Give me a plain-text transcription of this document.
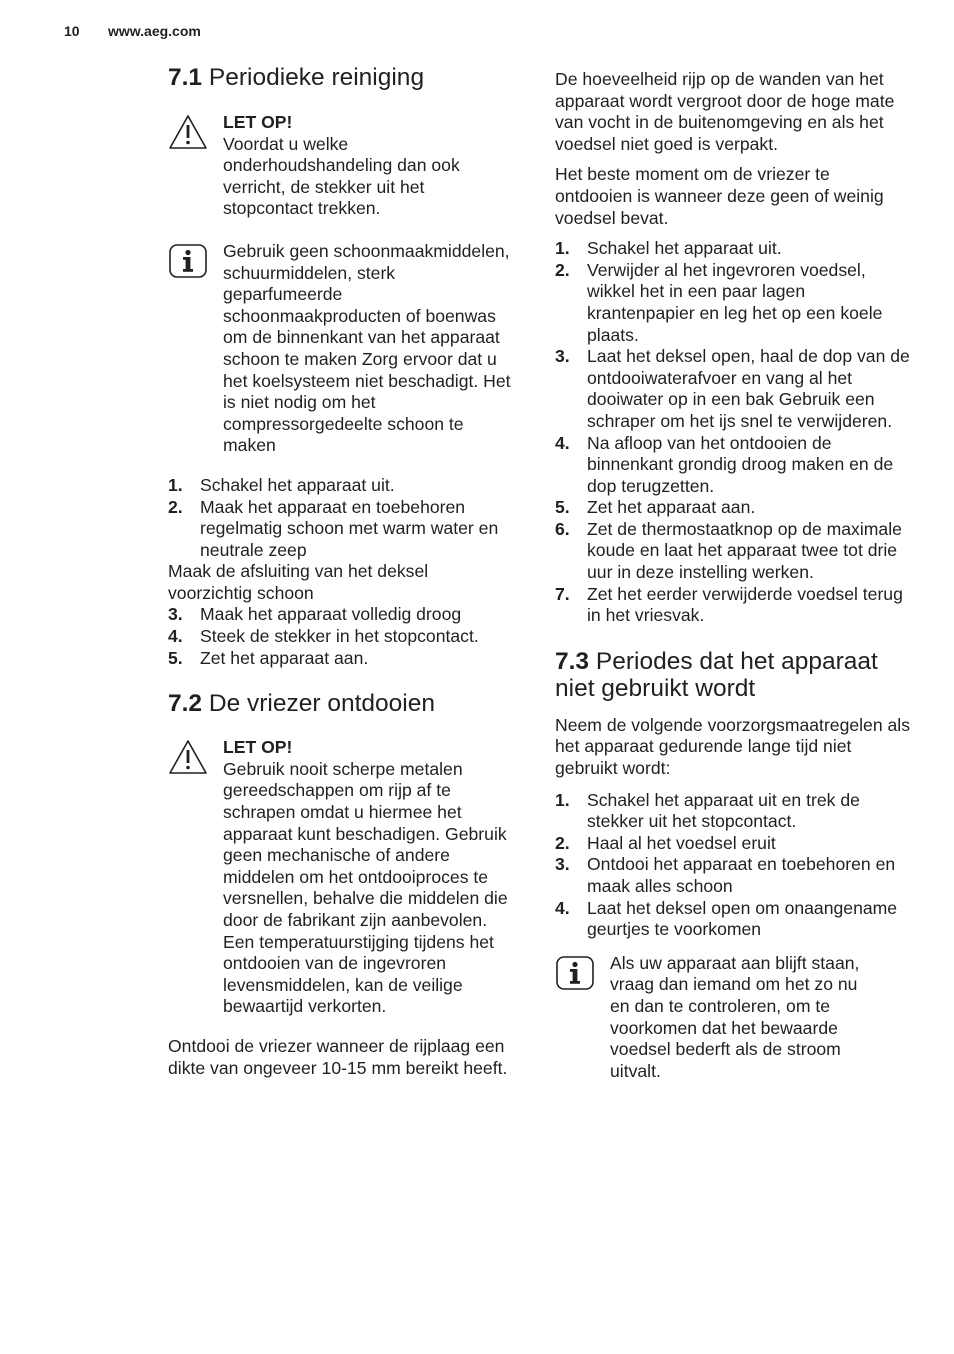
10 www.aeg.com
7.1 Periodieke reiniging
LET OP!
Voordat u welke onderhoudshandeling dan ook verricht, de stekker uit het stopcontact trekken.
Gebruik geen schoonmaakmiddelen, schuurmiddelen, sterk geparfumeerde schoonmaakproducten of boenwas om de binnenkant van het apparaat schoon te maken Zorg ervoor dat u het koelsysteem niet beschadigt. Het is niet nodig om het compressorgedeelte schoon te maken
1. Schakel het apparaat uit.
2. Maak het apparaat en toebehoren regelmatig schoon met warm water en neutrale zeep

Maak de afsluiting van het deksel voorzichtig schoon

3. Maak het apparaat volledig droog
4. Steek de stekker in het stopcontact.
5. Zet het apparaat aan.
7.2 De vriezer ontdooien
LET OP!
Gebruik nooit scherpe metalen gereedschappen om rijp af te schrapen omdat u hiermee het apparaat kunt beschadigen. Gebruik geen mechanische of andere middelen om het ontdooiproces te versnellen, behalve die middelen die door de fabrikant zijn aanbevolen. Een temperatuurstijging tijdens het ontdooien van de ingevroren levensmiddelen, kan de veilige bewaartijd verkorten.

Ontdooi de vriezer wanneer de rijplaag een dikte van ongeveer 10-15 mm bereikt heeft.

De hoeveelheid rijp op de wanden van het apparaat wordt vergroot door de hoge mate van vocht in de buitenomgeving en als het voedsel niet goed is verpakt.

Het beste moment om de vriezer te ontdooien is wanneer deze geen of weinig voedsel bevat.

1. Schakel het apparaat uit.
2. Verwijder al het ingevroren voedsel, wikkel het in een paar lagen krantenpapier en leg het op een koele plaats.
3. Laat het deksel open, haal de dop van de ontdooiwaterafvoer en vang al het dooiwater op in een bak Gebruik een schraper om het ijs snel te verwijderen.
4. Na afloop van het ontdooien de binnenkant grondig droog maken en de dop terugzetten.
5. Zet het apparaat aan.
6. Zet de thermostaatknop op de maximale koude en laat het apparaat twee tot drie uur in deze instelling werken.
7. Zet het eerder verwijderde voedsel terug in het vriesvak.
7.3 Periodes dat het apparaat niet gebruikt wordt

Neem de volgende voorzorgsmaatregelen als het apparaat gedurende lange tijd niet gebruikt wordt:

1. Schakel het apparaat uit en trek de stekker uit het stopcontact.
2. Haal al het voedsel eruit
3. Ontdooi het apparaat en toebehoren en maak alles schoon
4. Laat het deksel open om onaangename geurtjes te voorkomen
Als uw apparaat aan blijft staan, vraag dan iemand om het zo nu en dan te controleren, om te voorkomen dat het bewaarde voedsel bederft als de stroom uitvalt.
